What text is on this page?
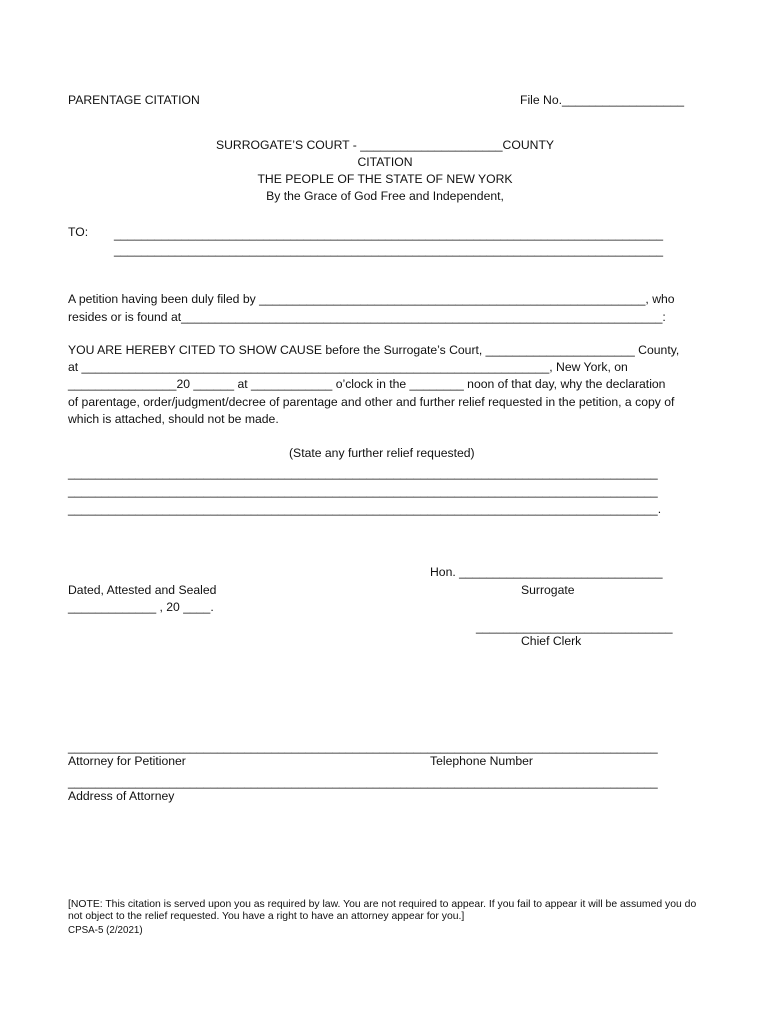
PARENTAGE CITATION	File No.__________________
SURROGATE’S COURT - _____________________COUNTY
CITATION
THE PEOPLE OF THE STATE OF NEW YORK
By the Grace of God Free and Independent,
TO: _________________________________________________________________________________
_________________________________________________________________________________
A petition having been duly filed by _________________________________________________________, who
resides or is found at_______________________________________________________________________:
YOU ARE HEREBY CITED TO SHOW CAUSE before the Surrogate’s Court, ______________________ County,
at _____________________________________________________________________, New York, on
________________20 ______ at ____________ o’clock in the ________ noon of that day, why the declaration
of parentage, order/judgment/decree of parentage and other and further relief requested in the petition, a copy of
which is attached, should not be made.
(State any further relief requested)
_______________________________________________________________________________________
_______________________________________________________________________________________
_______________________________________________________________________________________.
Hon. ______________________________
Surrogate
Dated, Attested and Sealed
_____________ , 20 ____.
_____________________________
Chief Clerk
_______________________________________________________________________________________
Attorney for Petitioner	Telephone Number
_______________________________________________________________________________________
Address of Attorney
[NOTE: This citation is served upon you as required by law. You are not required to appear. If you fail to appear it will be assumed you do not object to the relief requested. You have a right to have an attorney appear for you.]
CPSA-5 (2/2021)
